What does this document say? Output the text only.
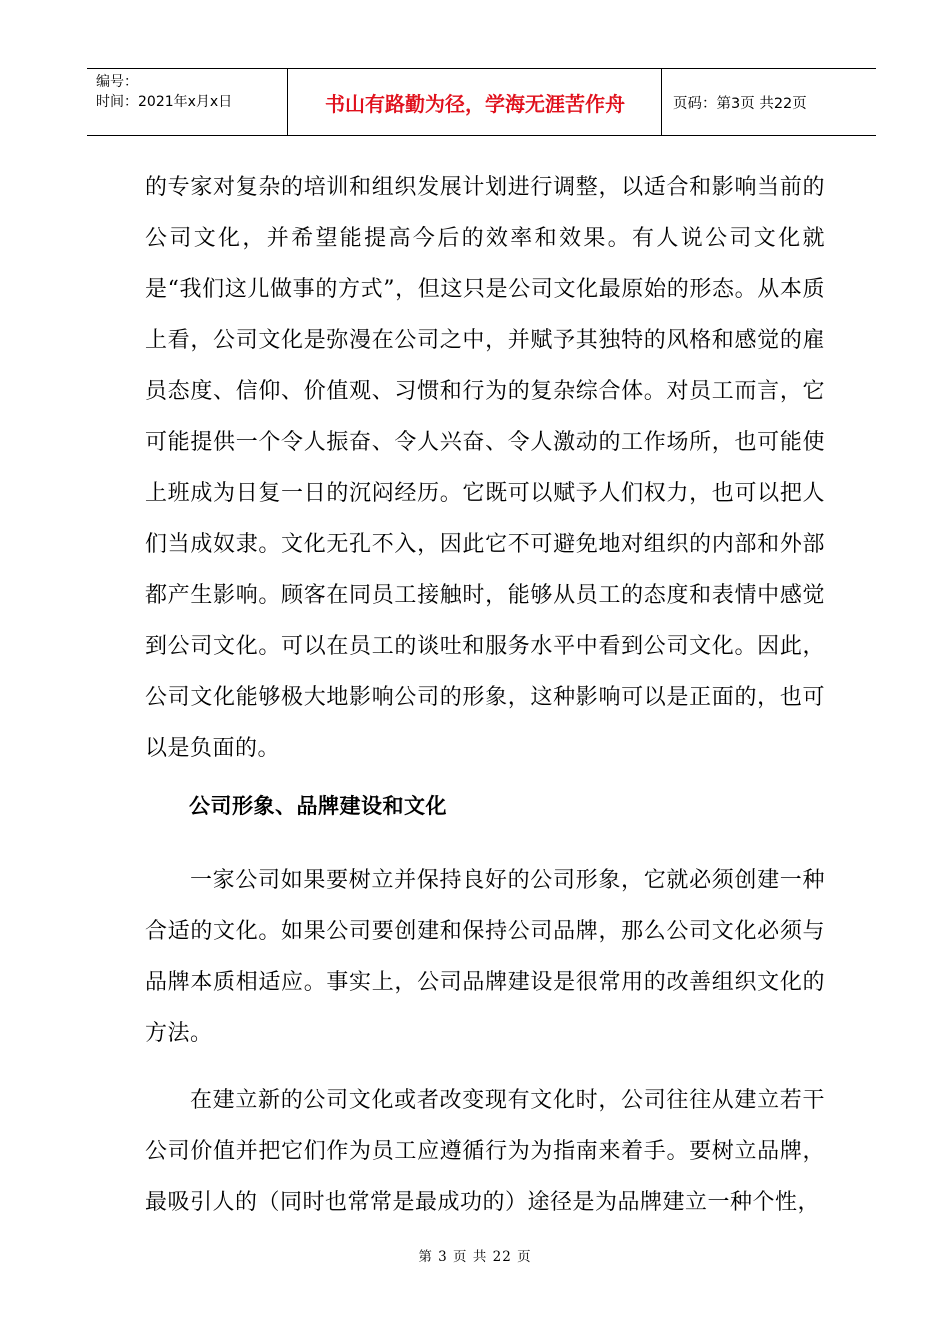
编号：
时间：2021年x月x日	书山有路勤为径，学海无涯苦作舟	页码：第3页 共22页

的专家对复杂的培训和组织发展计划进行调整，以适合和影响当前的公司文化，并希望能提高今后的效率和效果。有人说公司文化就是“我们这儿做事的方式”，但这只是公司文化最原始的形态。从本质上看，公司文化是弥漫在公司之中，并赋予其独特的风格和感觉的雇员态度、信仰、价值观、习惯和行为的复杂综合体。对员工而言，它可能提供一个令人振奋、令人兴奋、令人激动的工作场所，也可能使上班成为日复一日的沉闷经历。它既可以赋予人们权力，也可以把人们当成奴隶。文化无孔不入，因此它不可避免地对组织的内部和外部都产生影响。顾客在同员工接触时，能够从员工的态度和表情中感觉到公司文化。可以在员工的谈吐和服务水平中看到公司文化。因此，公司文化能够极大地影响公司的形象，这种影响可以是正面的，也可以是负面的。

公司形象、品牌建设和文化

一家公司如果要树立并保持良好的公司形象，它就必须创建一种合适的文化。如果公司要创建和保持公司品牌，那么公司文化必须与品牌本质相适应。事实上，公司品牌建设是很常用的改善组织文化的方法。

在建立新的公司文化或者改变现有文化时，公司往往从建立若干公司价值并把它们作为员工应遵循行为为指南来着手。要树立品牌，最吸引人的（同时也常常是最成功的）途径是为品牌建立一种个性，

第 3 页 共 22 页
